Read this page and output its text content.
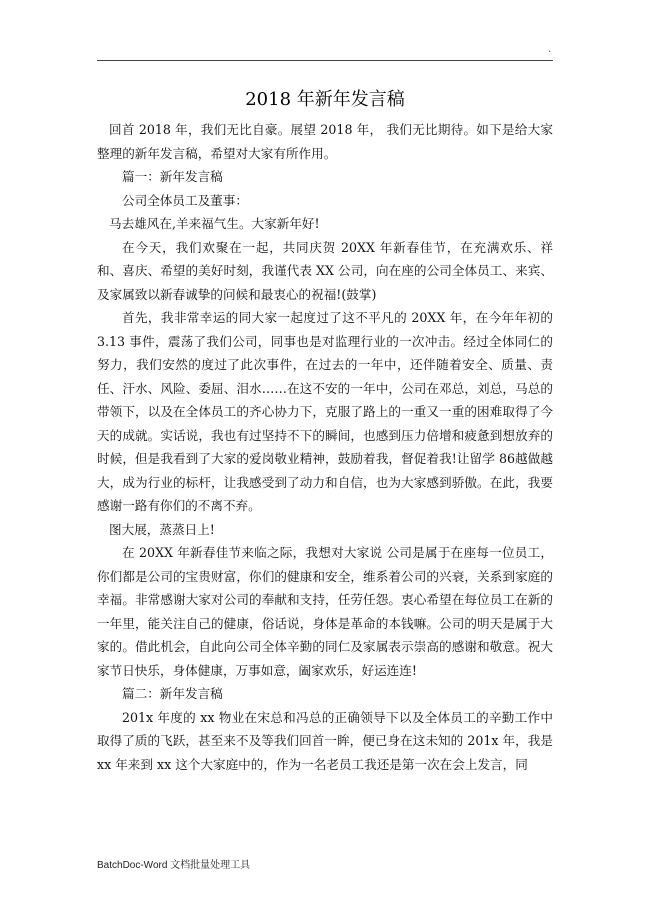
.
2018 年新年发言稿

回首 2018 年，我们无比自豪。展望 2018 年， 我们无比期待。如下是给大家整理的新年发言稿，希望对大家有所作用。

篇一：新年发言稿

公司全体员工及董事：

马去雄风在,羊来福气生。大家新年好!

在今天，我们欢聚在一起，共同庆贺 20XX 年新春佳节，在充满欢乐、祥和、喜庆、希望的美好时刻，我谨代表 XX 公司，向在座的公司全体员工、来宾、及家属致以新春诚挚的问候和最衷心的祝福!(鼓掌)

首先，我非常幸运的同大家一起度过了这不平凡的 20XX 年，在今年年初的 3.13 事件，震荡了我们公司，同事也是对监理行业的一次冲击。经过全体同仁的努力，我们安然的度过了此次事件，在过去的一年中，还伴随着安全、质量、责任、汗水、风险、委屈、泪水……在这不安的一年中，公司在邓总，刘总，马总的带领下，以及在全体员工的齐心协力下，克服了路上的一重又一重的困难取得了今天的成就。实话说，我也有过坚持不下的瞬间，也感到压力倍增和疲惫到想放弃的时候，但是我看到了大家的爱岗敬业精神，鼓励着我，督促着我!让留学 86越做越大，成为行业的标杆，让我感受到了动力和自信，也为大家感到骄傲。在此，我要感谢一路有你们的不离不弃。

图大展，蒸蒸日上!

在 20XX 年新春佳节来临之际，我想对大家说 公司是属于在座每一位员工，你们都是公司的宝贵财富，你们的健康和安全，维系着公司的兴衰，关系到家庭的幸福。非常感谢大家对公司的奉献和支持，任劳任怨。衷心希望在每位员工在新的一年里，能关注自己的健康，俗话说，身体是革命的本钱嘛。公司的明天是属于大家的。借此机会，自此向公司全体辛勤的同仁及家属表示崇高的感谢和敬意。祝大家节日快乐，身体健康，万事如意，阖家欢乐，好运连连!

篇二：新年发言稿

201x 年度的 xx 物业在宋总和冯总的正确领导下以及全体员工的辛勤工作中取得了质的飞跃，甚至来不及等我们回首一眸，便已身在这未知的 201x 年，我是 xx 年来到 xx 这个大家庭中的，作为一名老员工我还是第一次在会上发言，同

BatchDoc-Word 文档批量处理工具
